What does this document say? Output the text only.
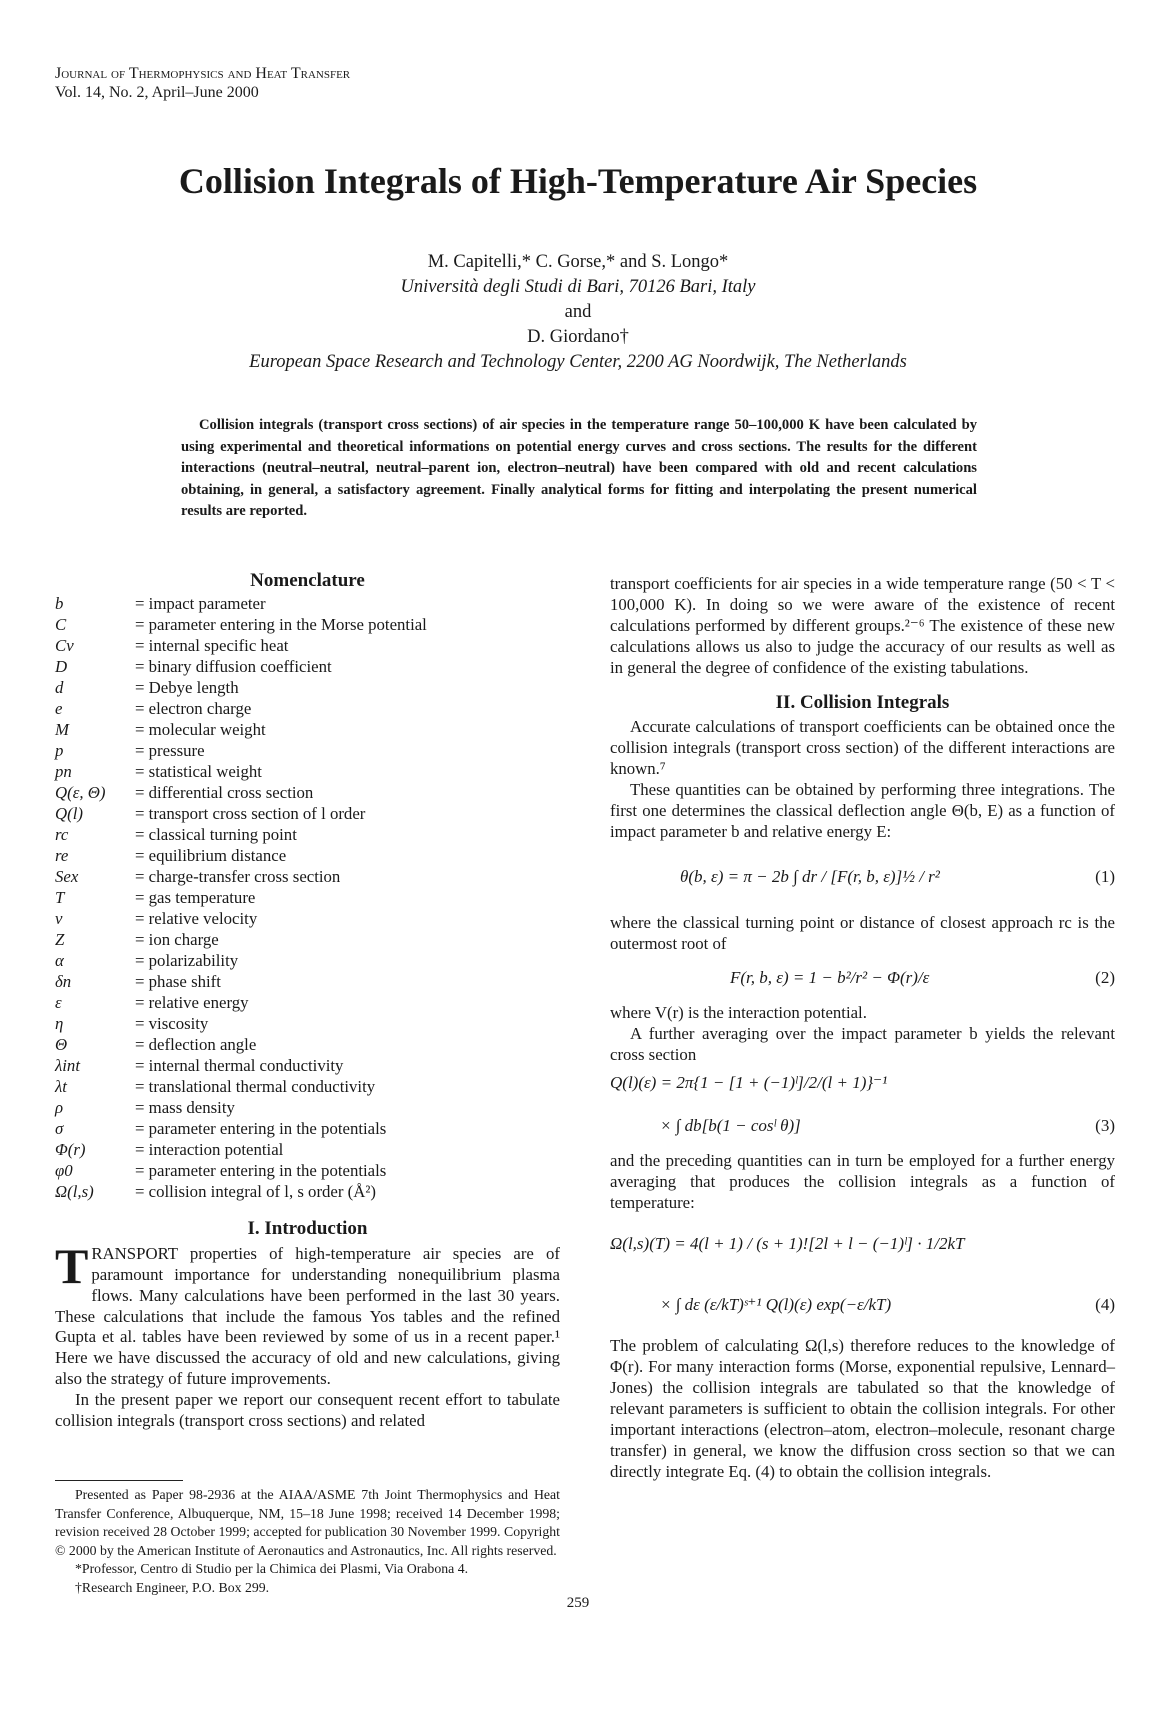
Journal of Thermophysics and Heat Transfer
Vol. 14, No. 2, April–June 2000
Collision Integrals of High-Temperature Air Species
M. Capitelli,* C. Gorse,* and S. Longo*
Università degli Studi di Bari, 70126 Bari, Italy
and
D. Giordano†
European Space Research and Technology Center, 2200 AG Noordwijk, The Netherlands
Collision integrals (transport cross sections) of air species in the temperature range 50–100,000 K have been calculated by using experimental and theoretical informations on potential energy curves and cross sections. The results for the different interactions (neutral–neutral, neutral–parent ion, electron–neutral) have been compared with old and recent calculations obtaining, in general, a satisfactory agreement. Finally analytical forms for fitting and interpolating the present numerical results are reported.
Nomenclature
b	= impact parameter
C	= parameter entering in the Morse potential
Cv	= internal specific heat
D	= binary diffusion coefficient
d	= Debye length
e	= electron charge
M	= molecular weight
p	= pressure
pn	= statistical weight
Q(ε, Θ)	= differential cross section
Q(l)	= transport cross section of l order
rc	= classical turning point
re	= equilibrium distance
Sex	= charge-transfer cross section
T	= gas temperature
v	= relative velocity
Z	= ion charge
α	= polarizability
δn	= phase shift
ε	= relative energy
η	= viscosity
Θ	= deflection angle
λint	= internal thermal conductivity
λt	= translational thermal conductivity
ρ	= mass density
σ	= parameter entering in the potentials
Φ(r)	= interaction potential
φ0	= parameter entering in the potentials
Ω(l,s)	= collision integral of l, s order (Å²)
I. Introduction

TRANSPORT properties of high-temperature air species are of paramount importance for understanding nonequilibrium plasma flows. Many calculations have been performed in the last 30 years. These calculations that include the famous Yos tables and the refined Gupta et al. tables have been reviewed by some of us in a recent paper.¹ Here we have discussed the accuracy of old and new calculations, giving also the strategy of future improvements.

In the present paper we report our consequent recent effort to tabulate collision integrals (transport cross sections) and related

Presented as Paper 98-2936 at the AIAA/ASME 7th Joint Thermophysics and Heat Transfer Conference, Albuquerque, NM, 15–18 June 1998; received 14 December 1998; revision received 28 October 1999; accepted for publication 30 November 1999. Copyright © 2000 by the American Institute of Aeronautics and Astronautics, Inc. All rights reserved.

*Professor, Centro di Studio per la Chimica dei Plasmi, Via Orabona 4.

†Research Engineer, P.O. Box 299.

transport coefficients for air species in a wide temperature range (50 < T < 100,000 K). In doing so we were aware of the existence of recent calculations performed by different groups.²⁻⁶ The existence of these new calculations allows us also to judge the accuracy of our results as well as in general the degree of confidence of the existing tabulations.

II. Collision Integrals

Accurate calculations of transport coefficients can be obtained once the collision integrals (transport cross section) of the different interactions are known.⁷

These quantities can be obtained by performing three integrations. The first one determines the classical deflection angle Θ(b, E) as a function of impact parameter b and relative energy E:

θ(b, ε) = π − 2b ∫ dr / [F(r, b, ε)]½ / r²	(1)

where the classical turning point or distance of closest approach rc is the outermost root of

F(r, b, ε) = 1 − b²/r² − Φ(r)/ε	(2)

where V(r) is the interaction potential.

A further averaging over the impact parameter b yields the relevant cross section

Q(l)(ε) = 2π{1 − [1 + (−1)ˡ]/2/(l + 1)}⁻¹
× ∫ db[b(1 − cosˡ θ)]	(3)

and the preceding quantities can in turn be employed for a further energy averaging that produces the collision integrals as a function of temperature:

Ω(l,s)(T) = 4(l + 1) / (s + 1)![2l + l − (−1)ˡ] · 1/2kT
× ∫ dε (ε/kT)ˢ⁺¹ Q(l)(ε) exp(−ε/kT)	(4)

The problem of calculating Ω(l,s) therefore reduces to the knowledge of Φ(r). For many interaction forms (Morse, exponential repulsive, Lennard–Jones) the collision integrals are tabulated so that the knowledge of relevant parameters is sufficient to obtain the collision integrals. For other important interactions (electron–atom, electron–molecule, resonant charge transfer) in general, we know the diffusion cross section so that we can directly integrate Eq. (4) to obtain the collision integrals.

259
